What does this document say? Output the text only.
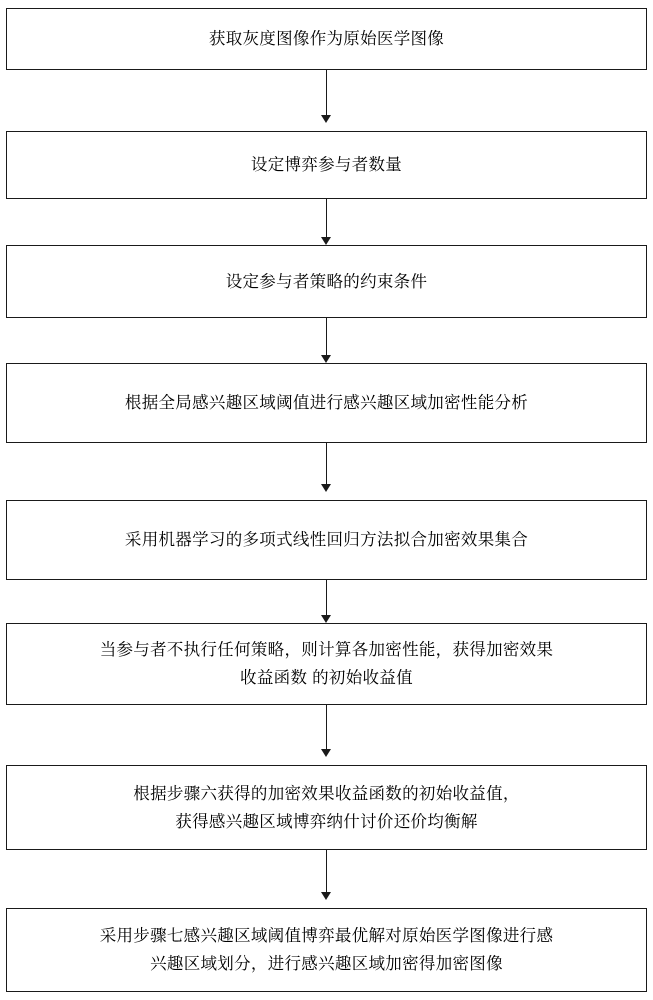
获取灰度图像作为原始医学图像
设定博弈参与者数量
设定参与者策略的约束条件
根据全局感兴趣区域阈值进行感兴趣区域加密性能分析
采用机器学习的多项式线性回归方法拟合加密效果集合
当参与者不执行任何策略，则计算各加密性能，获得加密效果
收益函数 的初始收益值
根据步骤六获得的加密效果收益函数的初始收益值，
获得感兴趣区域博弈纳什讨价还价均衡解
采用步骤七感兴趣区域阈值博弈最优解对原始医学图像进行感
兴趣区域划分，进行感兴趣区域加密得加密图像
